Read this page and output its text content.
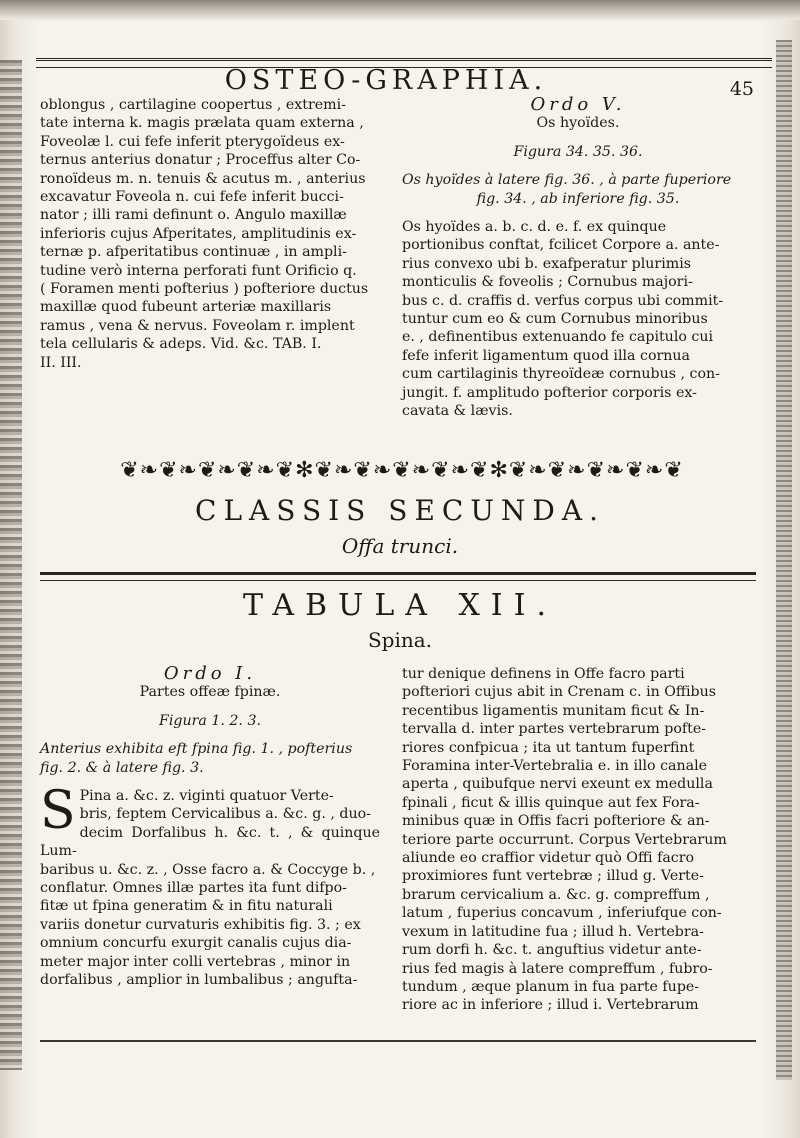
OSTEO-GRAPHIA.	45

oblongus , cartilagine coopertus , extremi-

tate interna k. magis prælata quam externa ,

Foveolæ l. cui fefe inferit pterygoïdeus ex-

ternus anterius donatur ; Proceffus alter Co-

ronoïdeus m. n. tenuis & acutus m. , anterius

excavatur Foveola n. cui fefe inferit bucci-

nator ; illi rami definunt o. Angulo maxillæ

inferioris cujus Afperitates, amplitudinis ex-

ternæ p. afperitatibus continuæ , in ampli-

tudine verò interna perforati funt Orificio q.

( Foramen menti pofterius ) pofteriore ductus

maxillæ quod fubeunt arteriæ maxillaris

ramus , vena & nervus. Foveolam r. implent

tela cellularis & adeps. Vid. &c. TAB. I.

II. III.

Ordo V.

Os hyoïdes.

Figura 34. 35. 36.

Os hyoïdes à latere fig. 36. , à parte fuperiore

fig. 34. , ab inferiore fig. 35.

Os hyoïdes a. b. c. d. e. f. ex quinque

portionibus conftat, fcilicet Corpore a. ante-

rius convexo ubi b. exafperatur plurimis

monticulis & foveolis ; Cornubus majori-

bus c. d. craffis d. verfus corpus ubi commit-

tuntur cum eo & cum Cornubus minoribus

e. , definentibus extenuando fe capitulo cui

fefe inferit ligamentum quod illa cornua

cum cartilaginis thyreoïdeæ cornubus , con-

jungit. f. amplitudo pofterior corporis ex-

cavata & lævis.

❦❧❦❧❦❧❦❧❦✻❦❧❦❧❦❧❦❧❦✻❦❧❦❧❦❧❦❧❦
CLASSIS SECUNDA.
Offa trunci.
TABULA XII.
Spina.

Ordo I.

Partes offeæ fpinæ.

Figura 1. 2. 3.

Anterius exhibita eft fpina fig. 1. , pofterius

fig. 2. & à latere fig. 3.

S Pina a. &c. z. viginti quatuor Verte-

bris, feptem Cervicalibus a. &c. g. , duo-

decim Dorfalibus h. &c. t. , & quinque Lum-

baribus u. &c. z. , Osse facro a. & Coccyge b. ,

conflatur. Omnes illæ partes ita funt difpo-

fitæ ut fpina generatim & in fitu naturali

variis donetur curvaturis exhibitis fig. 3. ; ex

omnium concurfu exurgit canalis cujus dia-

meter major inter colli vertebras , minor in

dorfalibus , amplior in lumbalibus ; angufta-

tur denique definens in Offe facro parti

pofteriori cujus abit in Crenam c. in Offibus

recentibus ligamentis munitam ficut & In-

tervalla d. inter partes vertebrarum pofte-

riores confpicua ; ita ut tantum fuperfint

Foramina inter-Vertebralia e. in illo canale

aperta , quibufque nervi exeunt ex medulla

fpinali , ficut & illis quinque aut fex Fora-

minibus quæ in Offis facri pofteriore & an-

teriore parte occurrunt. Corpus Vertebrarum

aliunde eo craffior videtur quò Offi facro

proximiores funt vertebræ ; illud g. Verte-

brarum cervicalium a. &c. g. compreffum ,

latum , fuperius concavum , inferiufque con-

vexum in latitudine fua ; illud h. Vertebra-

rum dorfi h. &c. t. anguftius videtur ante-

rius fed magis à latere compreffum , fubro-

tundum , æque planum in fua parte fupe-

riore ac in inferiore ; illud i. Vertebrarum
